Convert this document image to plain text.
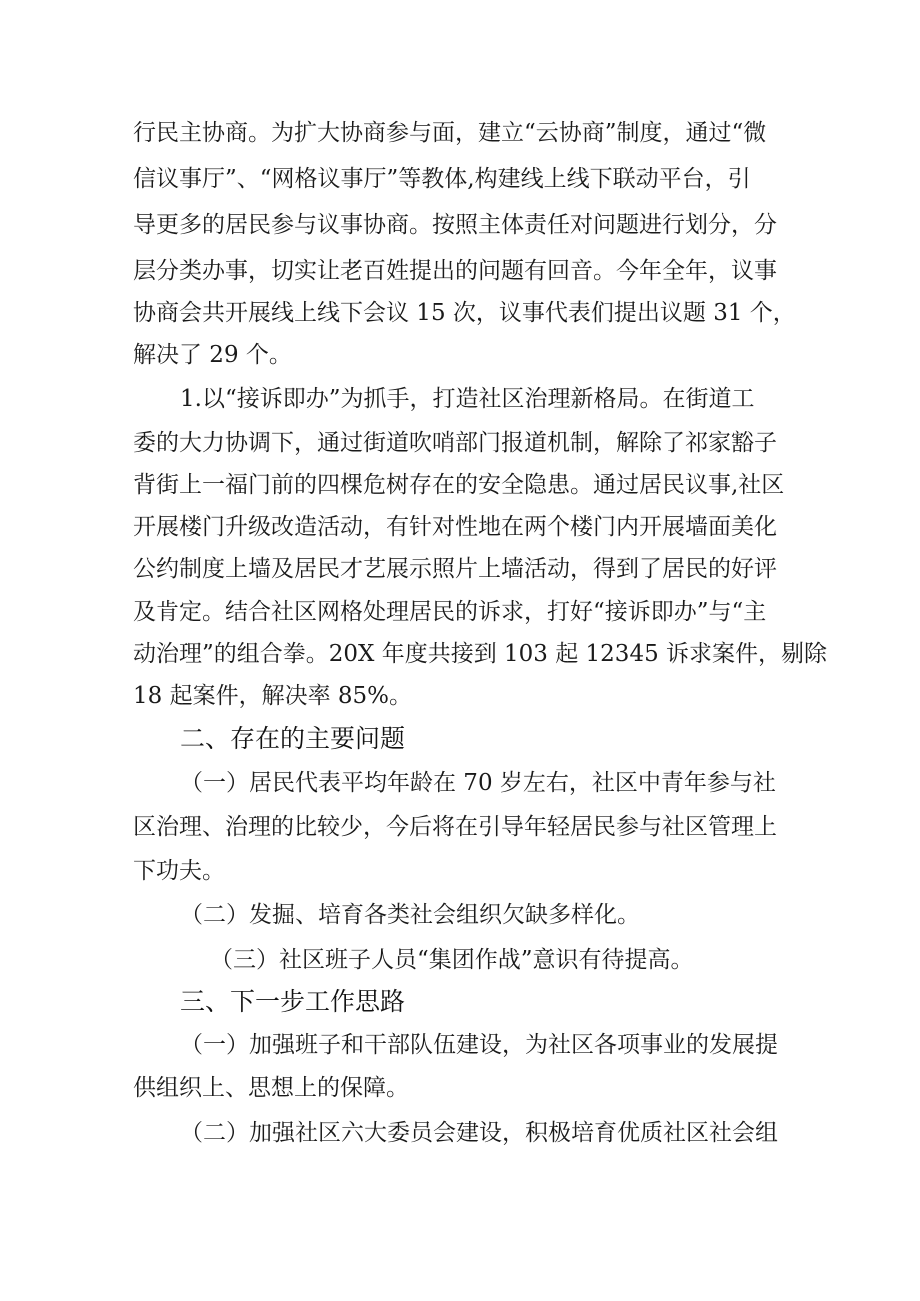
行民主协商。为扩大协商参与面，建立“云协商”制度，通过“微
信议事厅”、“网格议事厅”等教体,构建线上线下联动平台，引
导更多的居民参与议事协商。按照主体责任对问题进行划分，分
层分类办事，切实让老百姓提出的问题有回音。今年全年，议事
协商会共开展线上线下会议 15 次，议事代表们提出议题 31 个，
解决了 29 个。
1.以“接诉即办”为抓手，打造社区治理新格局。在街道工
委的大力协调下，通过街道吹哨部门报道机制，解除了祁家豁子
背街上一福门前的四棵危树存在的安全隐患。通过居民议事,社区
开展楼门升级改造活动，有针对性地在两个楼门内开展墙面美化
公约制度上墙及居民才艺展示照片上墙活动，得到了居民的好评
及肯定。结合社区网格处理居民的诉求，打好“接诉即办”与“主
动治理”的组合拳。20X 年度共接到 103 起 12345 诉求案件，剔除
18 起案件，解决率 85%。
二、存在的主要问题
（一）居民代表平均年龄在 70 岁左右，社区中青年参与社
区治理、治理的比较少，今后将在引导年轻居民参与社区管理上
下功夫。
（二）发掘、培育各类社会组织欠缺多样化。
（三）社区班子人员“集团作战”意识有待提高。
三、下一步工作思路
（一）加强班子和干部队伍建设，为社区各项事业的发展提
供组织上、思想上的保障。
（二）加强社区六大委员会建设，积极培育优质社区社会组
